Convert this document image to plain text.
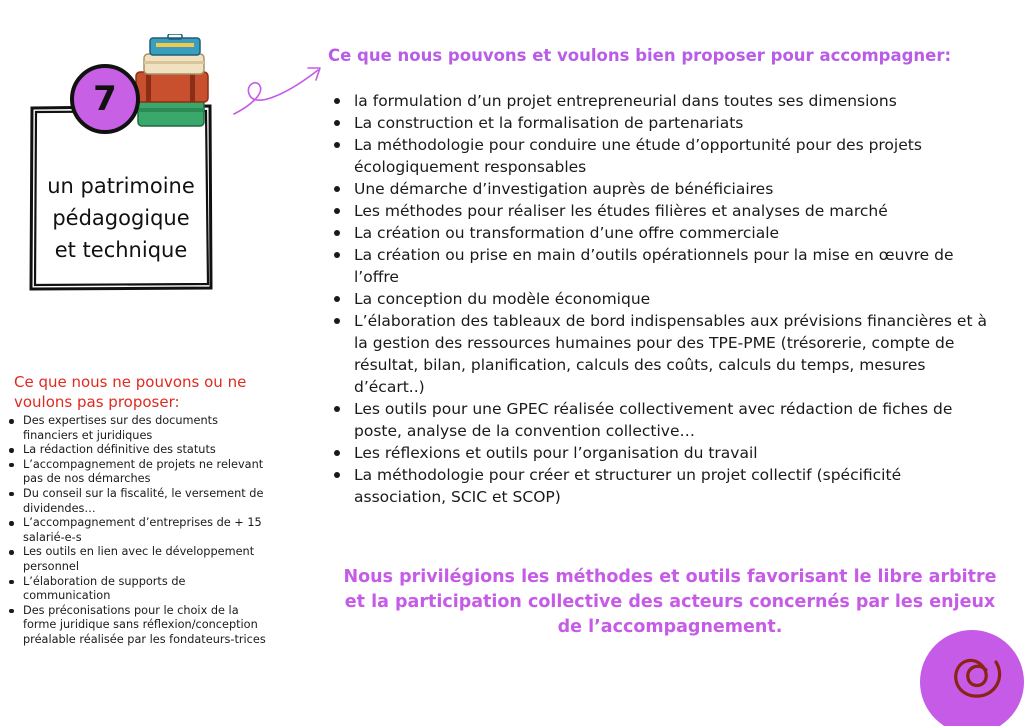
7
un patrimoine
pédagogique
et technique
Ce que nous pouvons et voulons bien proposer pour accompagner:
la formulation d’un projet entrepreneurial dans toutes ses dimensions
La construction et la formalisation de partenariats
La méthodologie pour conduire une étude d’opportunité pour des projets écologiquement responsables
Une démarche d’investigation auprès de bénéficiaires
Les méthodes pour réaliser les études filières et analyses de marché
La création ou transformation d’une offre commerciale
La création ou prise en main d’outils opérationnels pour la mise en œuvre de l’offre
La conception du modèle économique
L’élaboration des tableaux de bord indispensables aux prévisions financières et à la gestion des ressources humaines pour des TPE-PME (trésorerie, compte de résultat, bilan, planification, calculs des coûts, calculs du temps, mesures d’écart..)
Les outils pour une GPEC réalisée collectivement avec rédaction de fiches de poste, analyse de la convention collective…
Les réflexions et outils pour l’organisation du travail
La méthodologie pour créer et structurer un projet collectif (spécificité association, SCIC et SCOP)
Nous privilégions les méthodes et outils favorisant le libre arbitre et la participation collective des acteurs concernés par les enjeux de l’accompagnement.
Ce que nous ne pouvons ou ne voulons pas proposer:
Des expertises sur des documents financiers et juridiques
La rédaction définitive des statuts
L’accompagnement de projets ne relevant pas de nos démarches
Du conseil sur la fiscalité, le versement de dividendes…
L’accompagnement d’entreprises de + 15 salarié-e-s
Les outils en lien avec le développement personnel
L’élaboration de supports de communication
Des préconisations pour le choix de la forme juridique sans réflexion/conception préalable réalisée par les fondateurs-trices
